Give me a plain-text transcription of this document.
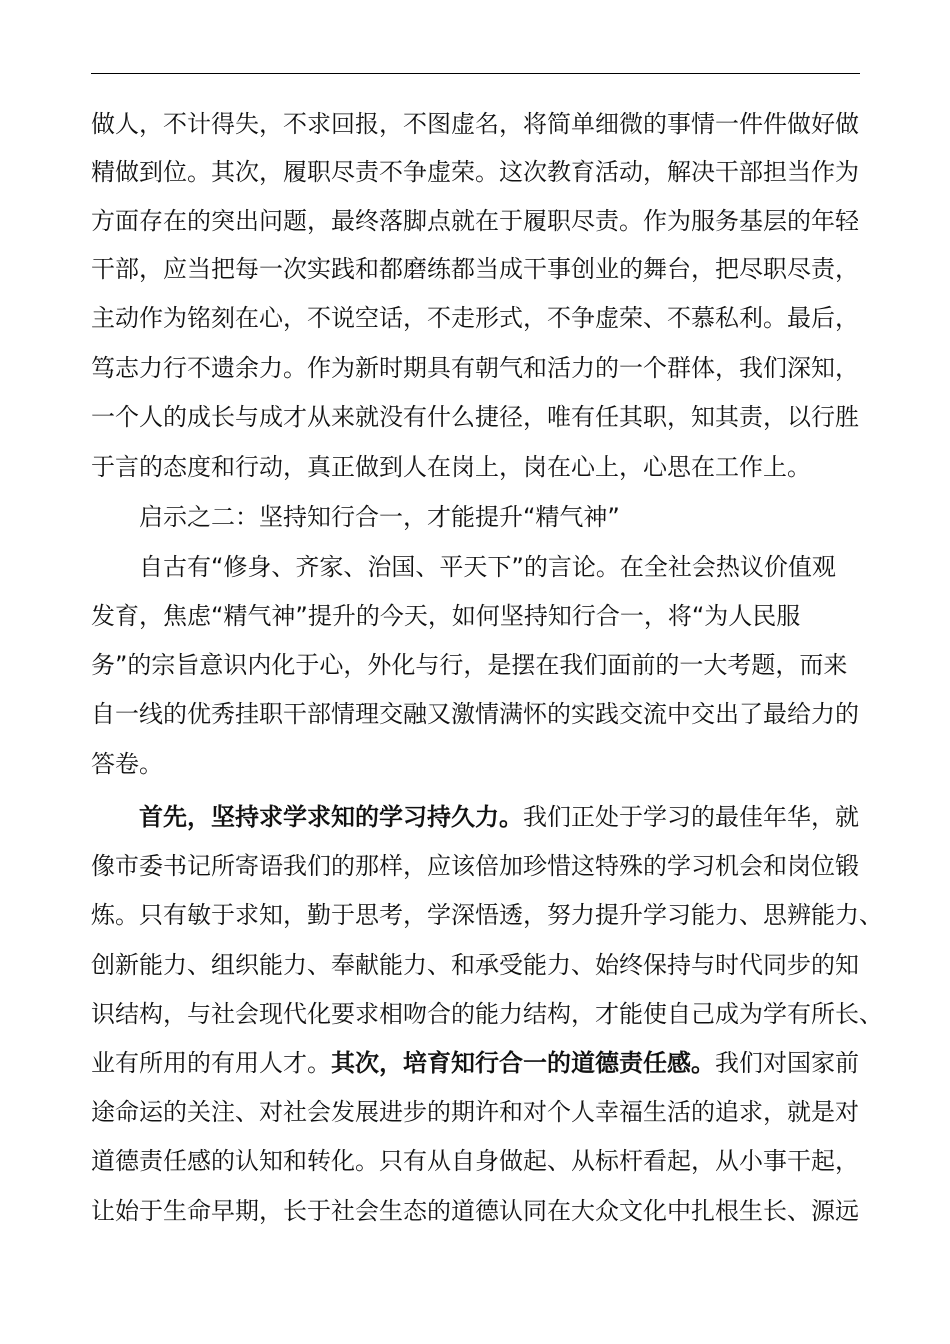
做人，不计得失，不求回报，不图虚名，将简单细微的事情一件件做好做
精做到位。其次，履职尽责不争虚荣。这次教育活动，解决干部担当作为
方面存在的突出问题，最终落脚点就在于履职尽责。作为服务基层的年轻
干部，应当把每一次实践和都磨练都当成干事创业的舞台，把尽职尽责，
主动作为铭刻在心，不说空话，不走形式，不争虚荣、不慕私利。最后，
笃志力行不遗余力。作为新时期具有朝气和活力的一个群体，我们深知，
一个人的成长与成才从来就没有什么捷径，唯有任其职，知其责，以行胜
于言的态度和行动，真正做到人在岗上，岗在心上，心思在工作上。
启示之二：坚持知行合一，才能提升“精气神”
自古有“修身、齐家、治国、平天下”的言论。在全社会热议价值观
发育，焦虑“精气神”提升的今天，如何坚持知行合一，将“为人民服
务”的宗旨意识内化于心，外化与行，是摆在我们面前的一大考题，而来
自一线的优秀挂职干部情理交融又激情满怀的实践交流中交出了最给力的
答卷。
首先，坚持求学求知的学习持久力。我们正处于学习的最佳年华，就
像市委书记所寄语我们的那样，应该倍加珍惜这特殊的学习机会和岗位锻
炼。只有敏于求知，勤于思考，学深悟透，努力提升学习能力、思辨能力、
创新能力、组织能力、奉献能力、和承受能力、始终保持与时代同步的知
识结构，与社会现代化要求相吻合的能力结构，才能使自己成为学有所长、
业有所用的有用人才。其次，培育知行合一的道德责任感。我们对国家前
途命运的关注、对社会发展进步的期许和对个人幸福生活的追求，就是对
道德责任感的认知和转化。只有从自身做起、从标杆看起，从小事干起，
让始于生命早期，长于社会生态的道德认同在大众文化中扎根生长、源远
